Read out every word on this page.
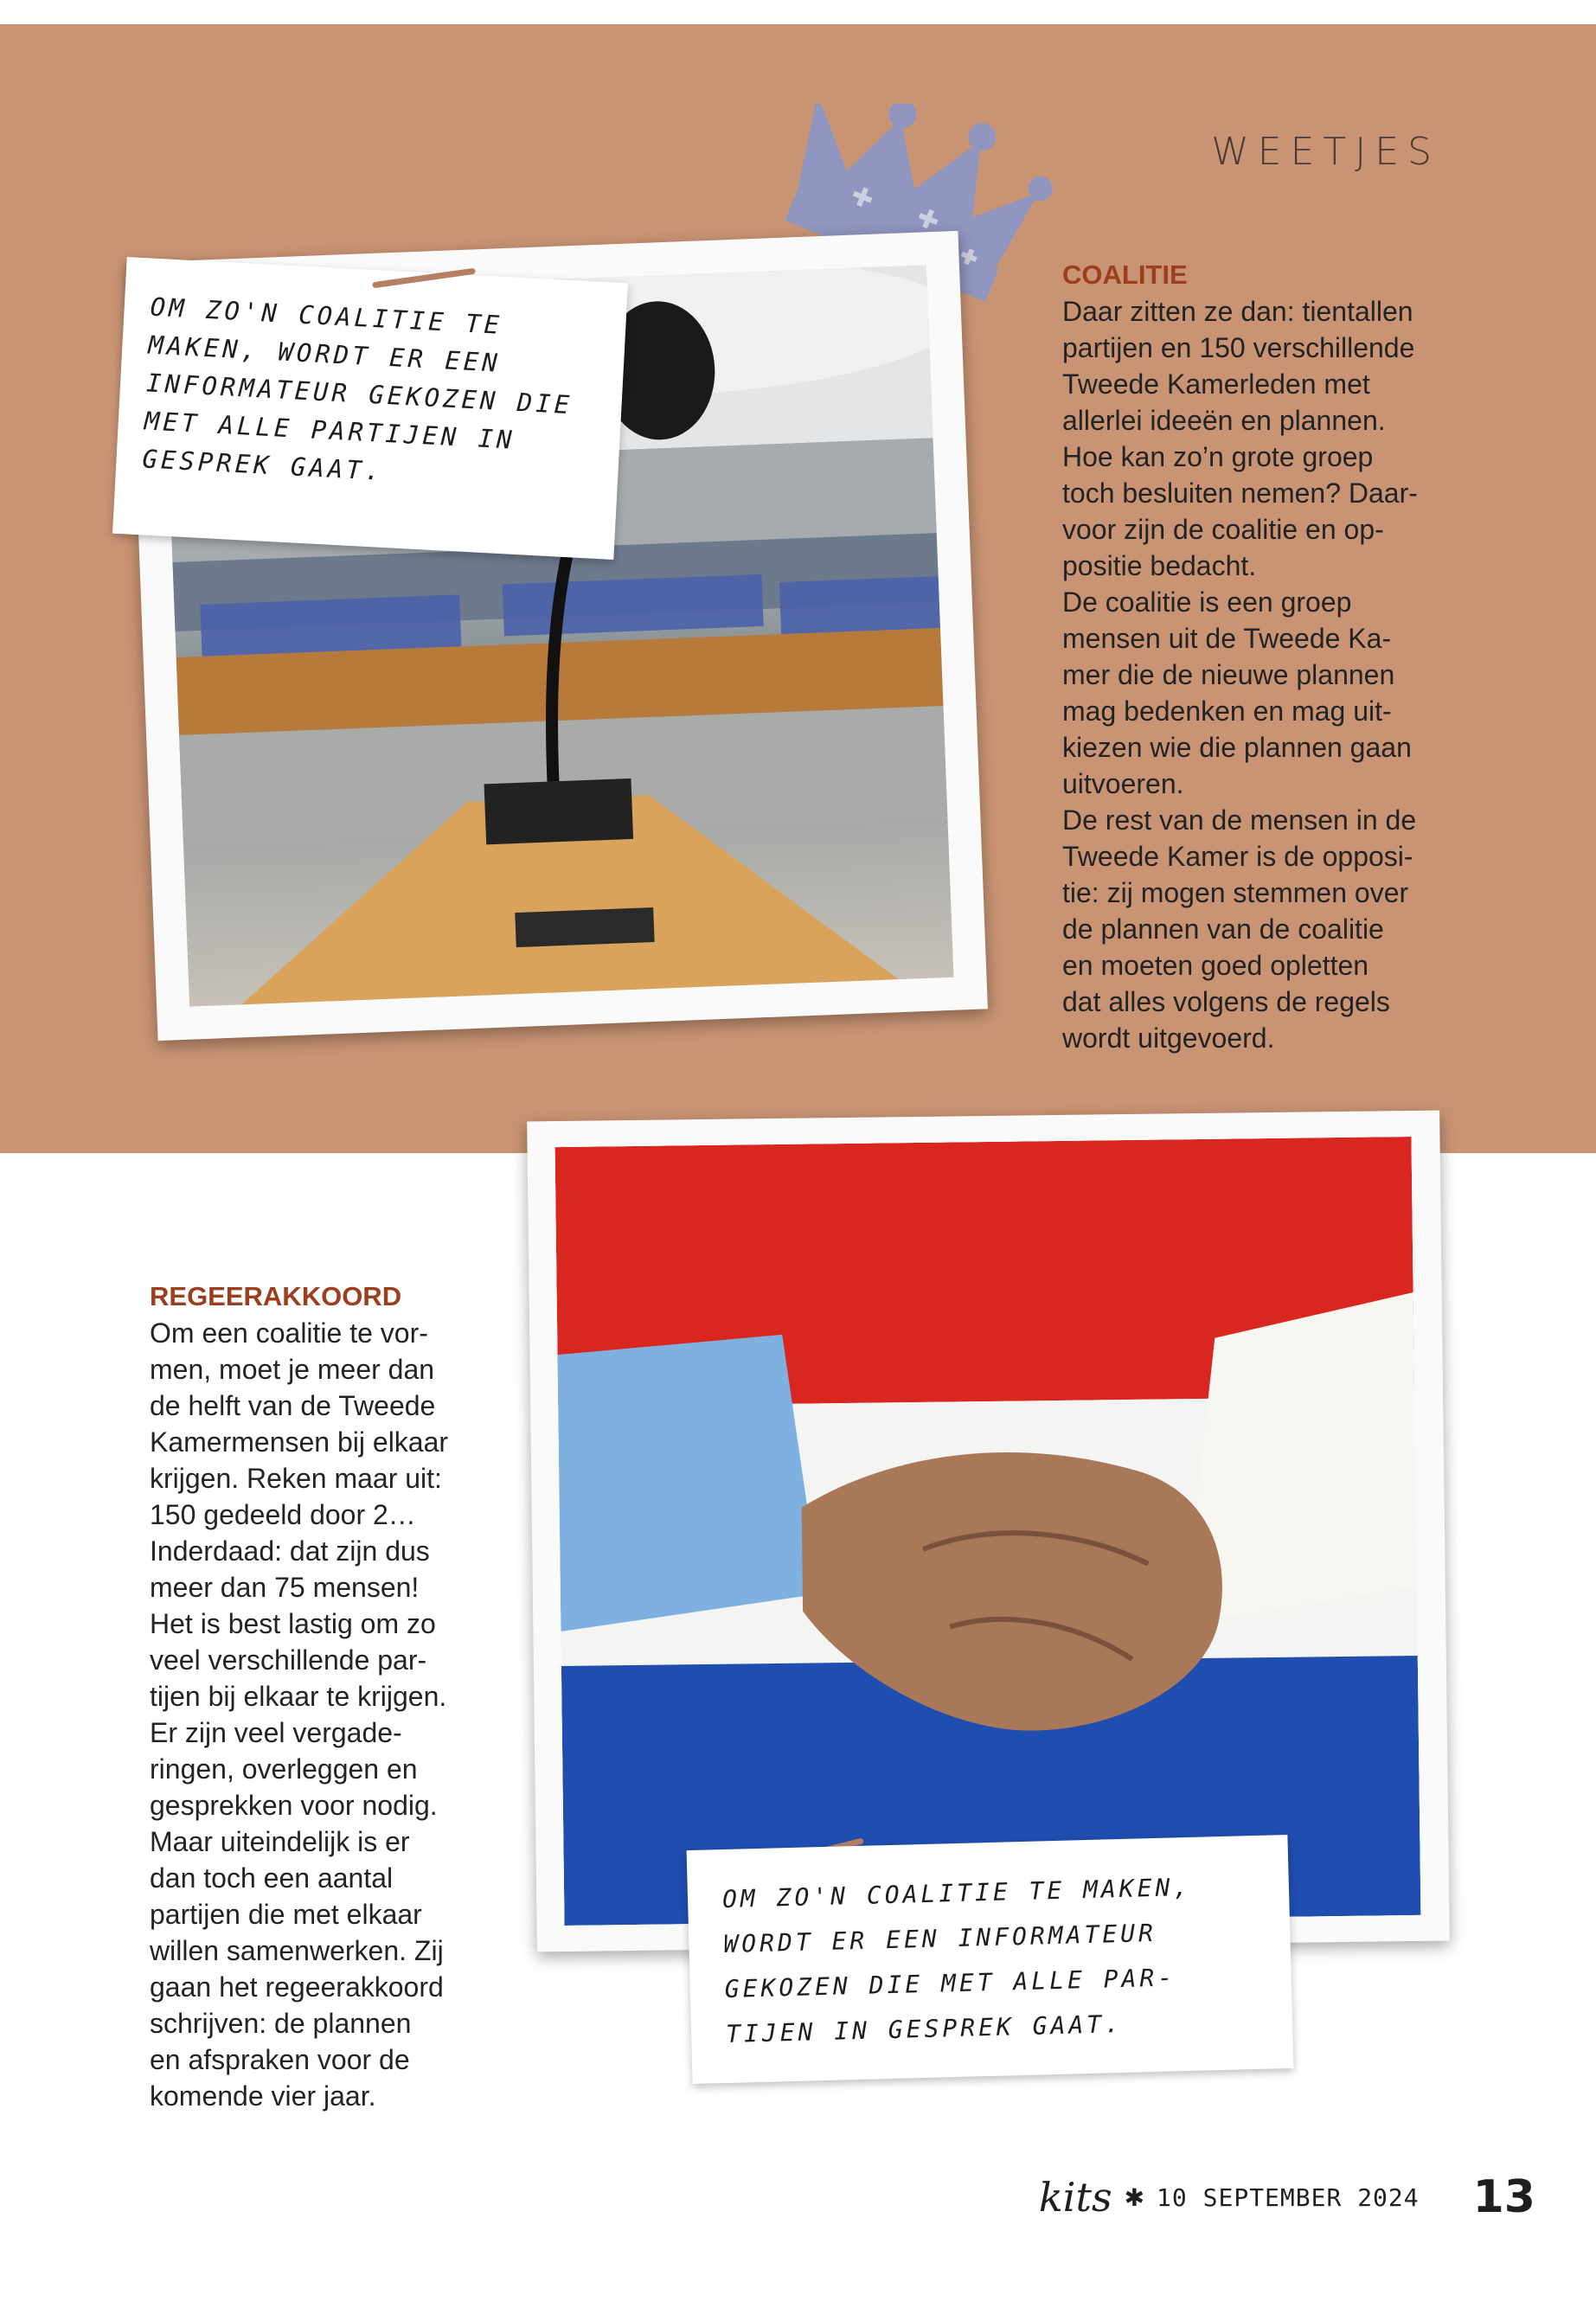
WEETJES

OM ZO'N COALITIE TE
MAKEN, WORDT ER EEN
INFORMATEUR GEKOZEN DIE
MET ALLE PARTIJEN IN
GESPREK GAAT.

COALITIE
Daar zitten ze dan: tientallen
partijen en 150 verschillende
Tweede Kamerleden met
allerlei ideeën en plannen.
Hoe kan zo’n grote groep
toch besluiten nemen? Daar-
voor zijn de coalitie en op-
positie bedacht.
De coalitie is een groep
mensen uit de Tweede Ka-
mer die de nieuwe plannen
mag bedenken en mag uit-
kiezen wie die plannen gaan
uitvoeren.
De rest van de mensen in de
Tweede Kamer is de opposi-
tie: zij mogen stemmen over
de plannen van de coalitie
en moeten goed opletten
dat alles volgens de regels
wordt uitgevoerd.

OM ZO'N COALITIE TE MAKEN,
WORDT ER EEN INFORMATEUR
GEKOZEN DIE MET ALLE PAR-
TIJEN IN GESPREK GAAT.

REGEERAKKOORD
Om een coalitie te vor-
men, moet je meer dan
de helft van de Tweede
Kamermensen bij elkaar
krijgen. Reken maar uit:
150 gedeeld door 2…
Inderdaad: dat zijn dus
meer dan 75 mensen!
Het is best lastig om zo
veel verschillende par-
tijen bij elkaar te krijgen.
Er zijn veel vergade-
ringen, overleggen en
gesprekken voor nodig.
Maar uiteindelijk is er
dan toch een aantal
partijen die met elkaar
willen samenwerken. Zij
gaan het regeerakkoord
schrijven: de plannen
en afspraken voor de
komende vier jaar.
kits ✱ 10 SEPTEMBER 2024 13
